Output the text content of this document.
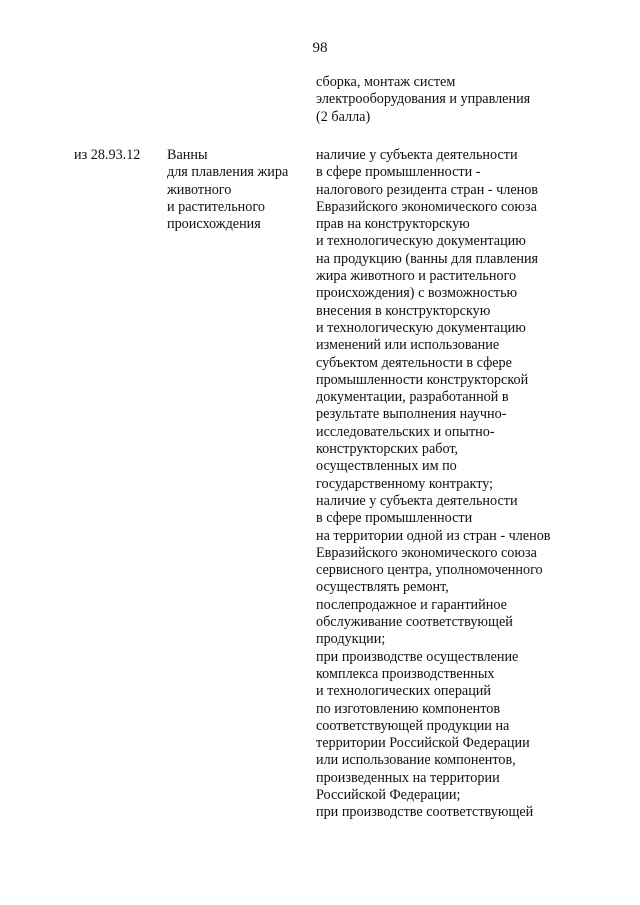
98
сборка, монтаж систем
электрооборудования и управления
(2 балла)
из 28.93.12 Ванны
для плавления жира
животного
и растительного
происхождения
наличие у субъекта деятельности
в сфере промышленности -
налогового резидента стран - членов
Евразийского экономического союза
прав на конструкторскую
и технологическую документацию
на продукцию (ванны для плавления
жира животного и растительного
происхождения) с возможностью
внесения в конструкторскую
и технологическую документацию
изменений или использование
субъектом деятельности в сфере
промышленности конструкторской
документации, разработанной в
результате выполнения научно-
исследовательских и опытно-
конструкторских работ,
осуществленных им по
государственному контракту;
наличие у субъекта деятельности
в сфере промышленности
на территории одной из стран - членов
Евразийского экономического союза
сервисного центра, уполномоченного
осуществлять ремонт,
послепродажное и гарантийное
обслуживание соответствующей
продукции;
при производстве осуществление
комплекса производственных
и технологических операций
по изготовлению компонентов
соответствующей продукции на
территории Российской Федерации
или использование компонентов,
произведенных на территории
Российской Федерации;
при производстве соответствующей
